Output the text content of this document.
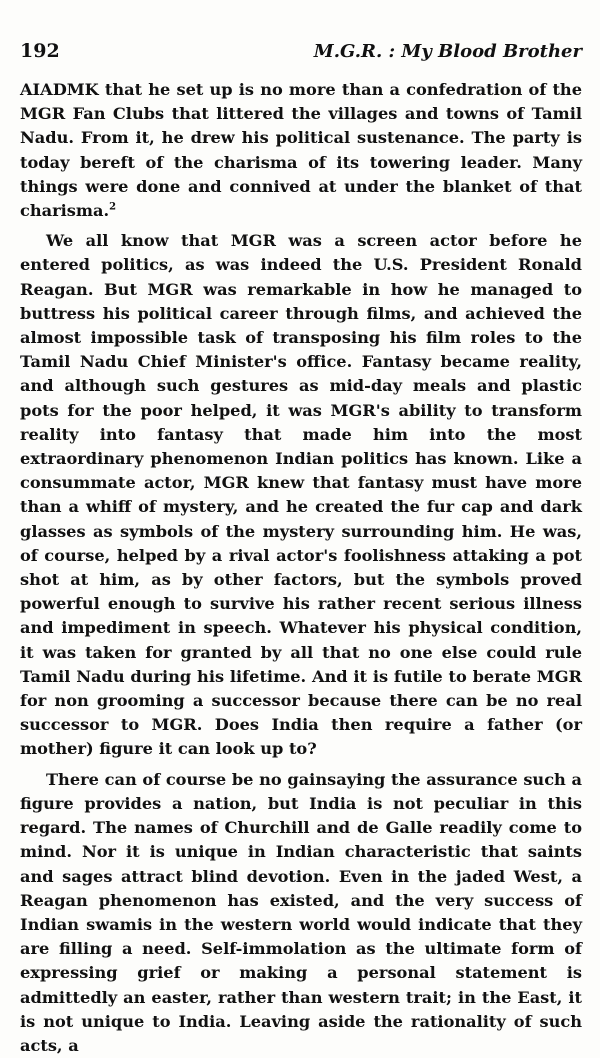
192	M.G.R. : My Blood Brother

AIADMK that he set up is no more than a confedration of the MGR Fan Clubs that littered the villages and towns of Tamil Nadu. From it, he drew his political sustenance. The party is today bereft of the charisma of its towering leader. Many things were done and connived at under the blanket of that charisma.$^2$

We all know that MGR was a screen actor before he entered politics, as was indeed the U.S. President Ronald Reagan. But MGR was remarkable in how he managed to buttress his political career through films, and achieved the almost impossible task of transposing his film roles to the Tamil Nadu Chief Minister's office. Fantasy became reality, and although such gestures as mid-day meals and plastic pots for the poor helped, it was MGR's ability to transform reality into fantasy that made him into the most extraordinary phenomenon Indian politics has known. Like a consummate actor, MGR knew that fantasy must have more than a whiff of mystery, and he created the fur cap and dark glasses as symbols of the mystery surrounding him. He was, of course, helped by a rival actor's foolishness attaking a pot shot at him, as by other factors, but the symbols proved powerful enough to survive his rather recent serious illness and impediment in speech. Whatever his physical condition, it was taken for granted by all that no one else could rule Tamil Nadu during his lifetime. And it is futile to berate MGR for non grooming a successor because there can be no real successor to MGR. Does India then require a father (or mother) figure it can look up to?

There can of course be no gainsaying the assurance such a figure provides a nation, but India is not peculiar in this regard. The names of Churchill and de Galle readily come to mind. Nor it is unique in Indian characteristic that saints and sages attract blind devotion. Even in the jaded West, a Reagan phenomenon has existed, and the very success of Indian swamis in the western world would indicate that they are filling a need. Self-immolation as the ultimate form of expressing grief or making a personal statement is admittedly an easter, rather than western trait; in the East, it is not unique to India. Leaving aside the rationality of such acts, a
